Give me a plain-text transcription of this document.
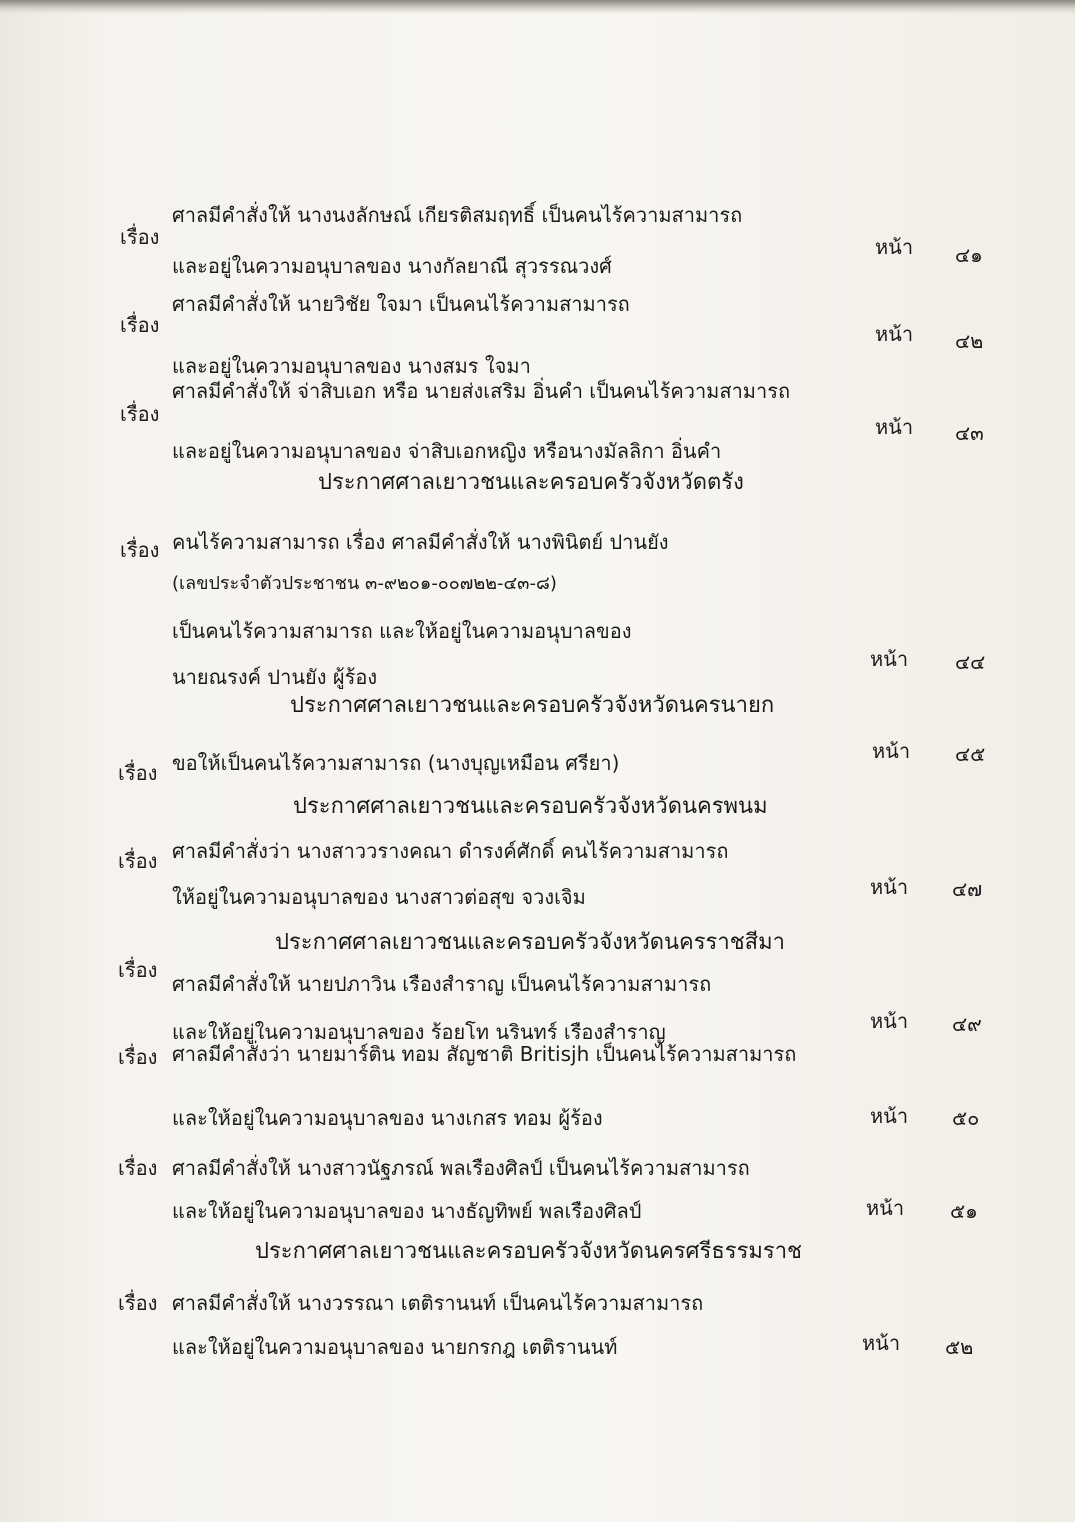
เรื่อง
ศาลมีคำสั่งให้ นางนงลักษณ์ เกียรติสมฤทธิ์ เป็นคนไร้ความสามารถ
และอยู่ในความอนุบาลของ นางกัลยาณี สุวรรณวงศ์
หน้า ๔๑
เรื่อง
ศาลมีคำสั่งให้ นายวิชัย ใจมา เป็นคนไร้ความสามารถ
และอยู่ในความอนุบาลของ นางสมร ใจมา
หน้า ๔๒
เรื่อง
ศาลมีคำสั่งให้ จ่าสิบเอก หรือ นายส่งเสริม อิ่นคำ เป็นคนไร้ความสามารถ
และอยู่ในความอนุบาลของ จ่าสิบเอกหญิง หรือนางมัลลิกา อิ่นคำ
หน้า ๔๓
ประกาศศาลเยาวชนและครอบครัวจังหวัดตรัง
เรื่อง คนไร้ความสามารถ เรื่อง ศาลมีคำสั่งให้ นางพินิตย์ ปานยัง
(เลขประจำตัวประชาชน ๓-๙๒๐๑-๐๐๗๒๒-๔๓-๘)
เป็นคนไร้ความสามารถ และให้อยู่ในความอนุบาลของ
นายณรงค์ ปานยัง ผู้ร้อง
หน้า ๔๔
ประกาศศาลเยาวชนและครอบครัวจังหวัดนครนายก
เรื่อง ขอให้เป็นคนไร้ความสามารถ (นางบุญเหมือน ศรียา)	หน้า ๔๕
ประกาศศาลเยาวชนและครอบครัวจังหวัดนครพนม
เรื่อง ศาลมีคำสั่งว่า นางสาววรางคณา ดำรงค์ศักดิ์ คนไร้ความสามารถ
ให้อยู่ในความอนุบาลของ นางสาวต่อสุข จวงเจิม	หน้า ๔๗
ประกาศศาลเยาวชนและครอบครัวจังหวัดนครราชสีมา
เรื่อง
ศาลมีคำสั่งให้ นายปภาวิน เรืองสำราญ เป็นคนไร้ความสามารถ
และให้อยู่ในความอนุบาลของ ร้อยโท นรินทร์ เรืองสำราญ	หน้า ๔๙
เรื่อง ศาลมีคำสั่งว่า นายมาร์ติน ทอม สัญชาติ Britisjh เป็นคนไร้ความสามารถ
และให้อยู่ในความอนุบาลของ นางเกสร ทอม ผู้ร้อง	หน้า ๕๐
เรื่อง ศาลมีคำสั่งให้ นางสาวนัฐภรณ์ พลเรืองศิลป์ เป็นคนไร้ความสามารถ
และให้อยู่ในความอนุบาลของ นางธัญทิพย์ พลเรืองศิลป์	หน้า ๕๑
ประกาศศาลเยาวชนและครอบครัวจังหวัดนครศรีธรรมราช
เรื่อง ศาลมีคำสั่งให้ นางวรรณา เตติรานนท์ เป็นคนไร้ความสามารถ
และให้อยู่ในความอนุบาลของ นายกรกฎ เตติรานนท์	หน้า ๕๒
